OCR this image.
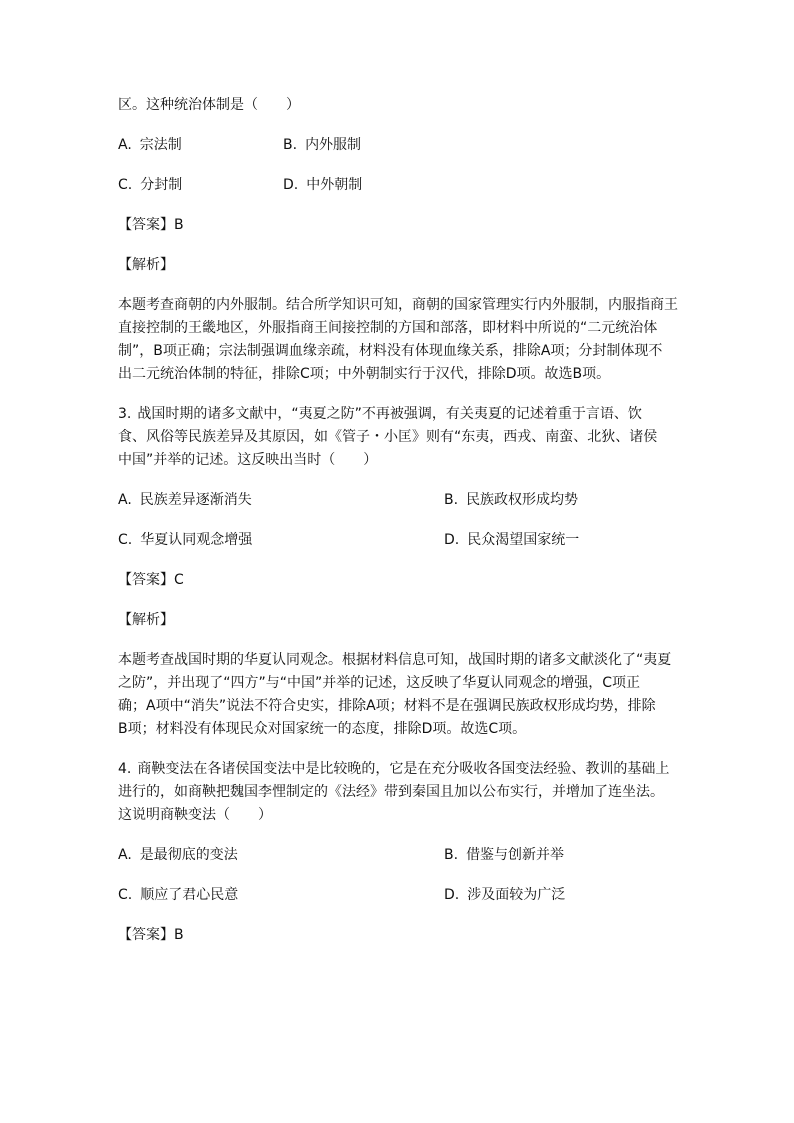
区。这种统治体制是（　　）

A. 宗法制	B. 内外服制
C. 分封制	D. 中外朝制

【答案】B

【解析】

本题考查商朝的内外服制。结合所学知识可知，商朝的国家管理实行内外服制，内服指商王

直接控制的王畿地区，外服指商王间接控制的方国和部落，即材料中所说的“二元统治体

制”，B项正确；宗法制强调血缘亲疏，材料没有体现血缘关系，排除A项；分封制体现不

出二元统治体制的特征，排除C项；中外朝制实行于汉代，排除D项。故选B项。

3. 战国时期的诸多文献中，“夷夏之防”不再被强调，有关夷夏的记述着重于言语、饮

食、风俗等民族差异及其原因，如《管子・小匡》则有“东夷，西戎、南蛮、北狄、诸侯

中国”并举的记述。这反映出当时（　　）

A. 民族差异逐渐消失	B. 民族政权形成均势
C. 华夏认同观念增强	D. 民众渴望国家统一

【答案】C

【解析】

本题考查战国时期的华夏认同观念。根据材料信息可知，战国时期的诸多文献淡化了“夷夏

之防”，并出现了“四方”与“中国”并举的记述，这反映了华夏认同观念的增强，C项正

确；A项中“消失”说法不符合史实，排除A项；材料不是在强调民族政权形成均势，排除

B项；材料没有体现民众对国家统一的态度，排除D项。故选C项。

4. 商鞅变法在各诸侯国变法中是比较晚的，它是在充分吸收各国变法经验、教训的基础上

进行的，如商鞅把魏国李悝制定的《法经》带到秦国且加以公布实行，并增加了连坐法。

这说明商鞅变法（　　）

A. 是最彻底的变法	B. 借鉴与创新并举
C. 顺应了君心民意	D. 涉及面较为广泛

【答案】B
